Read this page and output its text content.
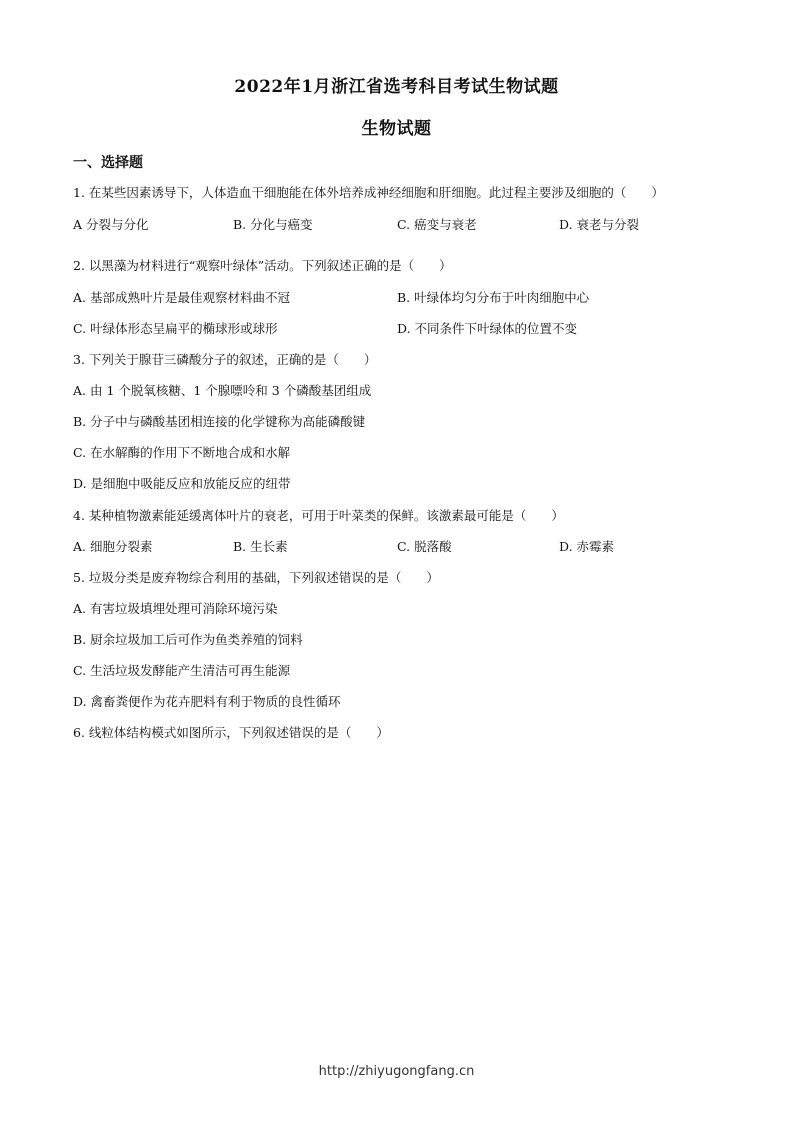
2022年1月浙江省选考科目考试生物试题
生物试题
一、选择题
1. 在某些因素诱导下，人体造血干细胞能在体外培养成神经细胞和肝细胞。此过程主要涉及细胞的（　　）
A 分裂与分化	B. 分化与癌变	C. 癌变与衰老	D. 衰老与分裂
2. 以黑藻为材料进行“观察叶绿体”活动。下列叙述正确的是（　　）
A. 基部成熟叶片是最佳观察材料曲不冠	B. 叶绿体均匀分布于叶肉细胞中心
C. 叶绿体形态呈扁平的椭球形或球形	D. 不同条件下叶绿体的位置不变
3. 下列关于腺苷三磷酸分子的叙述，正确的是（　　）
A. 由 1 个脱氧核糖、1 个腺嘌呤和 3 个磷酸基团组成
B. 分子中与磷酸基团相连接的化学键称为高能磷酸键
C. 在水解酶的作用下不断地合成和水解
D. 是细胞中吸能反应和放能反应的纽带
4. 某种植物激素能延缓离体叶片的衰老，可用于叶菜类的保鲜。该激素最可能是（　　）
A. 细胞分裂素	B. 生长素	C. 脱落酸	D. 赤霉素
5. 垃圾分类是废弃物综合利用的基础，下列叙述错误的是（　　）
A. 有害垃圾填埋处理可消除环境污染
B. 厨余垃圾加工后可作为鱼类养殖的饲料
C. 生活垃圾发酵能产生清洁可再生能源
D. 禽畜粪便作为花卉肥料有利于物质的良性循环
6. 线粒体结构模式如图所示，下列叙述错误的是（　　）
http://zhiyugongfang.cn
